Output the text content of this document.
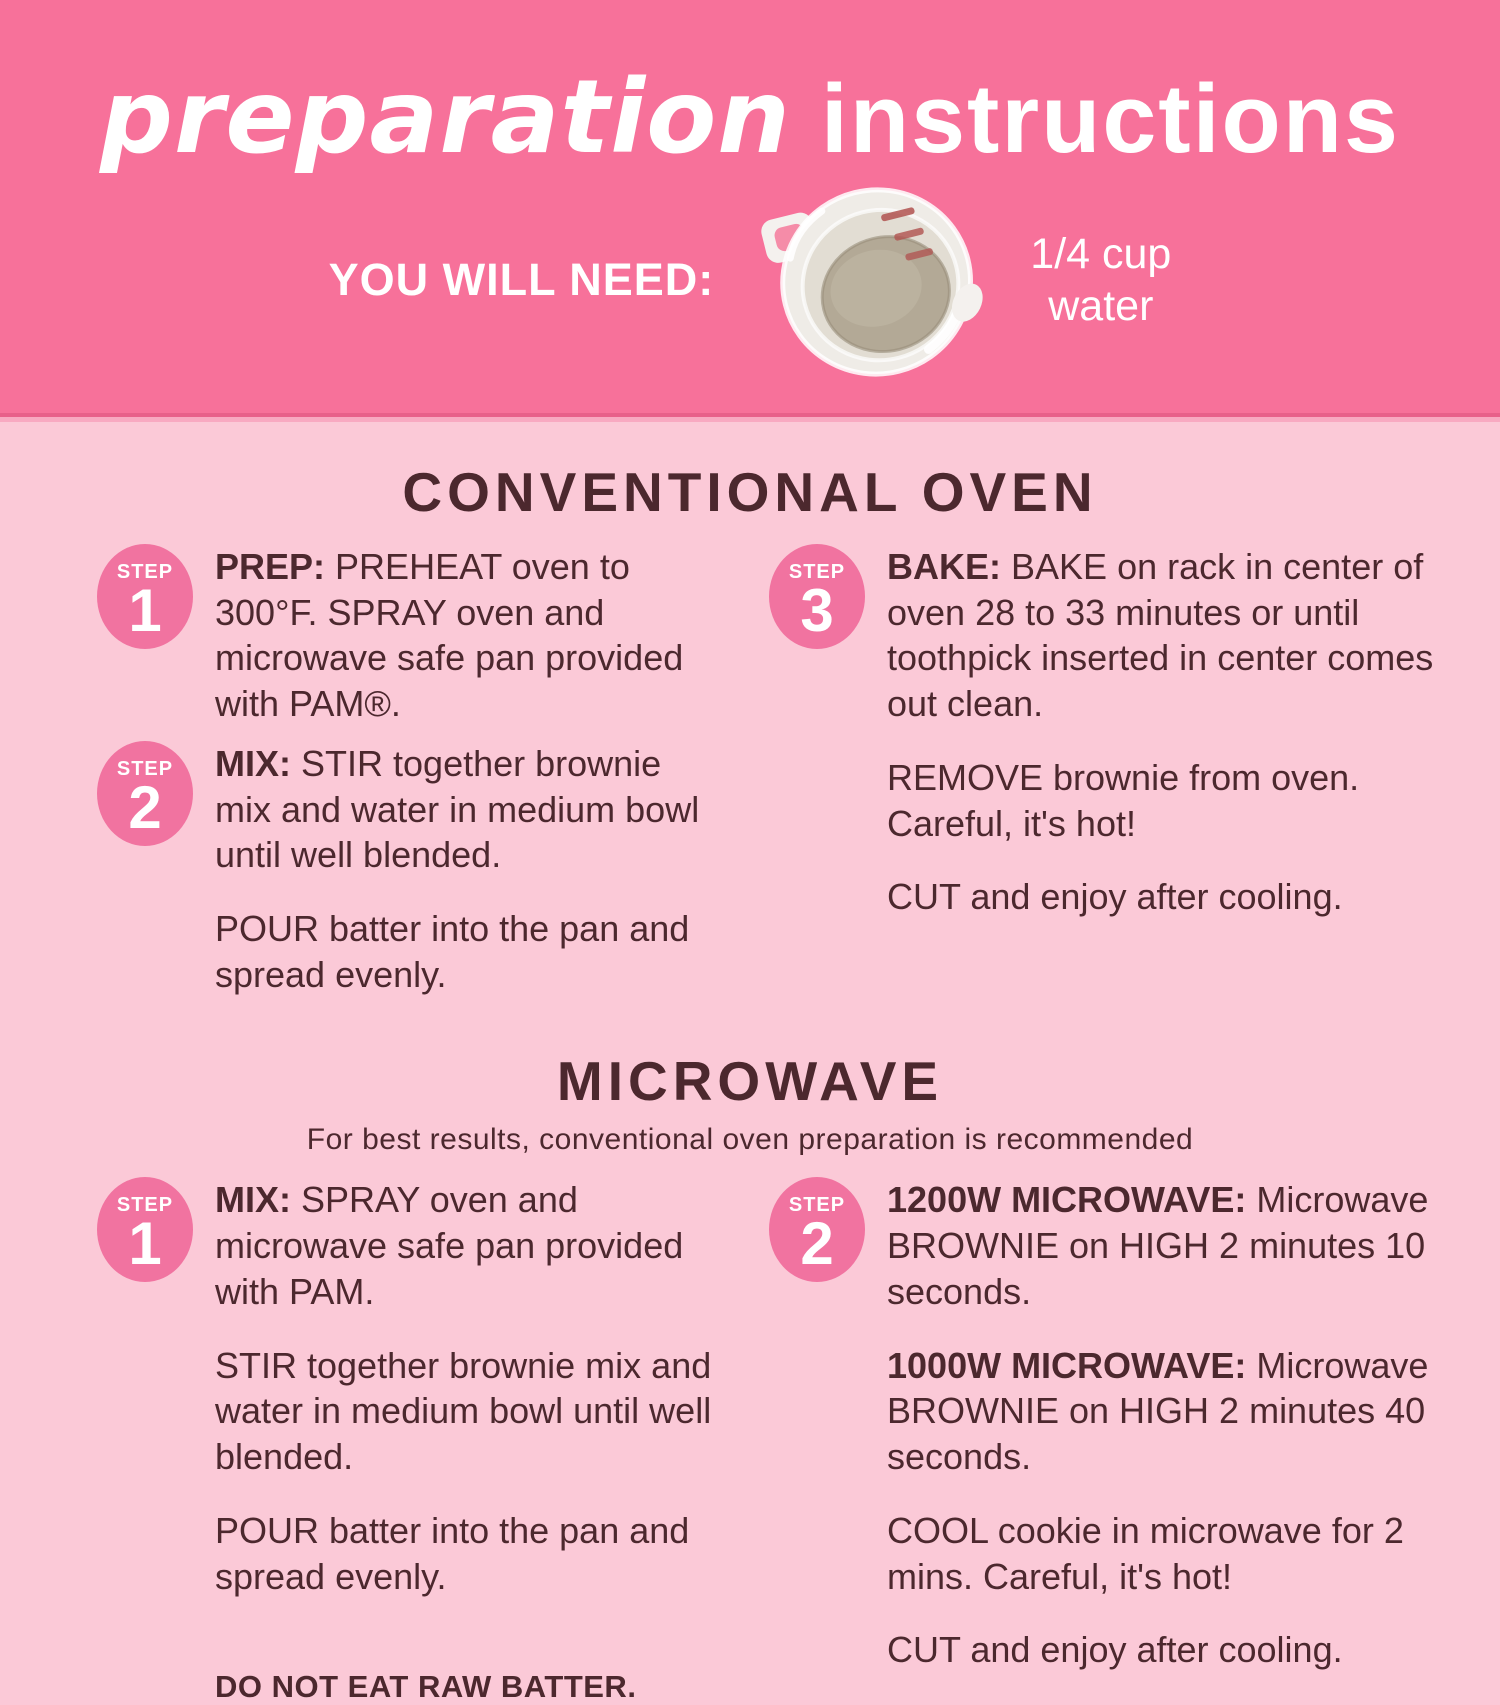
preparation instructions
YOU WILL NEED:
1/4 cup
water
CONVENTIONAL OVEN
STEP
1

PREP: PREHEAT oven to 300°F. SPRAY oven and microwave safe pan provided with PAM®.

STEP
2

MIX: STIR together brownie mix and water in medium bowl until well blended.

POUR batter into the pan and spread evenly.

STEP
3

BAKE: BAKE on rack in center of oven 28 to 33 minutes or until toothpick inserted in center comes out clean.

REMOVE brownie from oven. Careful, it's hot!

CUT and enjoy after cooling.

MICROWAVE

For best results, conventional oven preparation is recommended

STEP
1

MIX: SPRAY oven and microwave safe pan provided with PAM.

STIR together brownie mix and water in medium bowl until well blended.

POUR batter into the pan and spread evenly.

DO NOT EAT RAW BATTER.
STEP
2

1200W MICROWAVE: Microwave BROWNIE on HIGH 2 minutes 10 seconds.

1000W MICROWAVE: Microwave BROWNIE on HIGH 2 minutes 40 seconds.

COOL cookie in microwave for 2 mins. Careful, it's hot!

CUT and enjoy after cooling.
